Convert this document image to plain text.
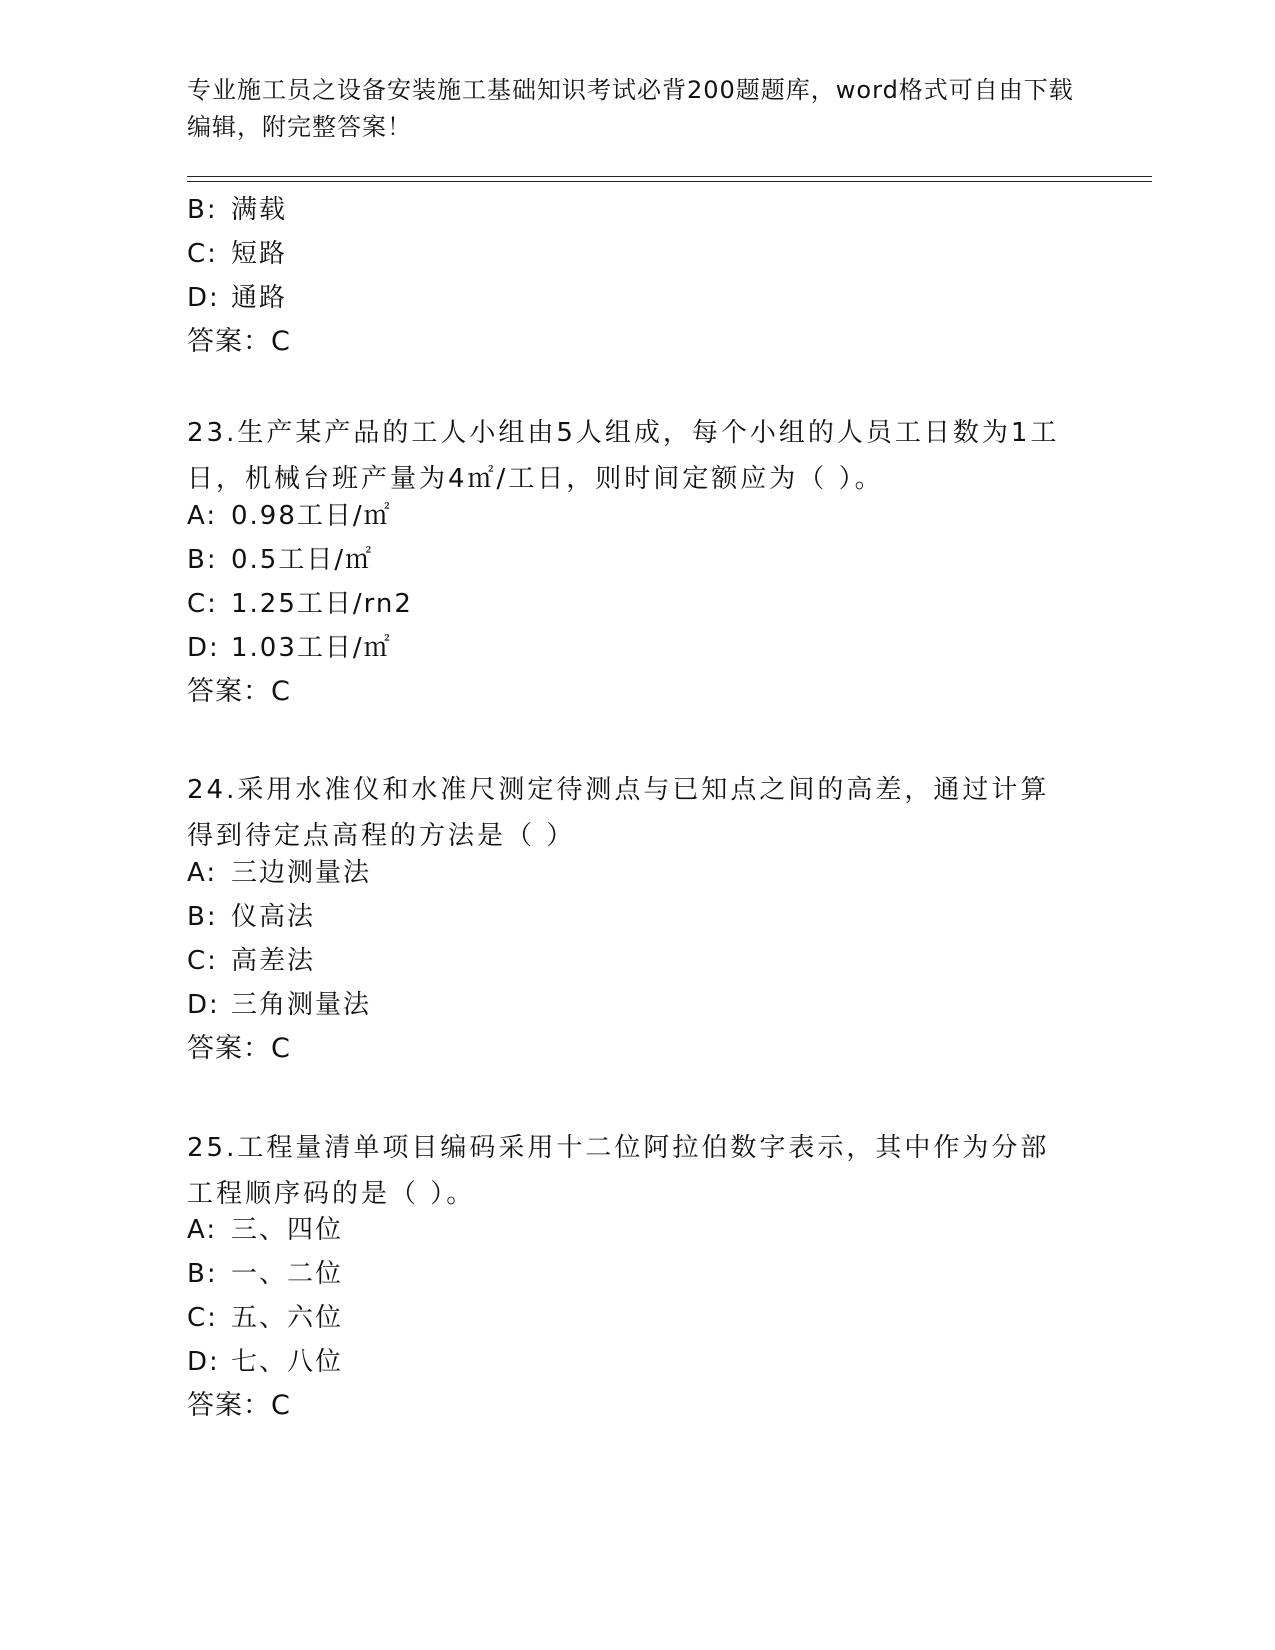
专业施工员之设备安装施工基础知识考试必背200题题库，word格式可自由下载编辑，附完整答案！
B: 满载
C: 短路
D: 通路
答案：C
23.生产某产品的工人小组由5人组成，每个小组的人员工日数为1工日，机械台班产量为4㎡/工日，则时间定额应为（ ）。
A: 0.98工日/㎡
B: 0.5工日/㎡
C: 1.25工日/rn2
D: 1.03工日/㎡
答案：C
24.采用水准仪和水准尺测定待测点与已知点之间的高差，通过计算得到待定点高程的方法是（ ）
A: 三边测量法
B: 仪高法
C: 高差法
D: 三角测量法
答案：C
25.工程量清单项目编码采用十二位阿拉伯数字表示，其中作为分部工程顺序码的是（ ）。
A: 三、四位
B: 一、二位
C: 五、六位
D: 七、八位
答案：C
